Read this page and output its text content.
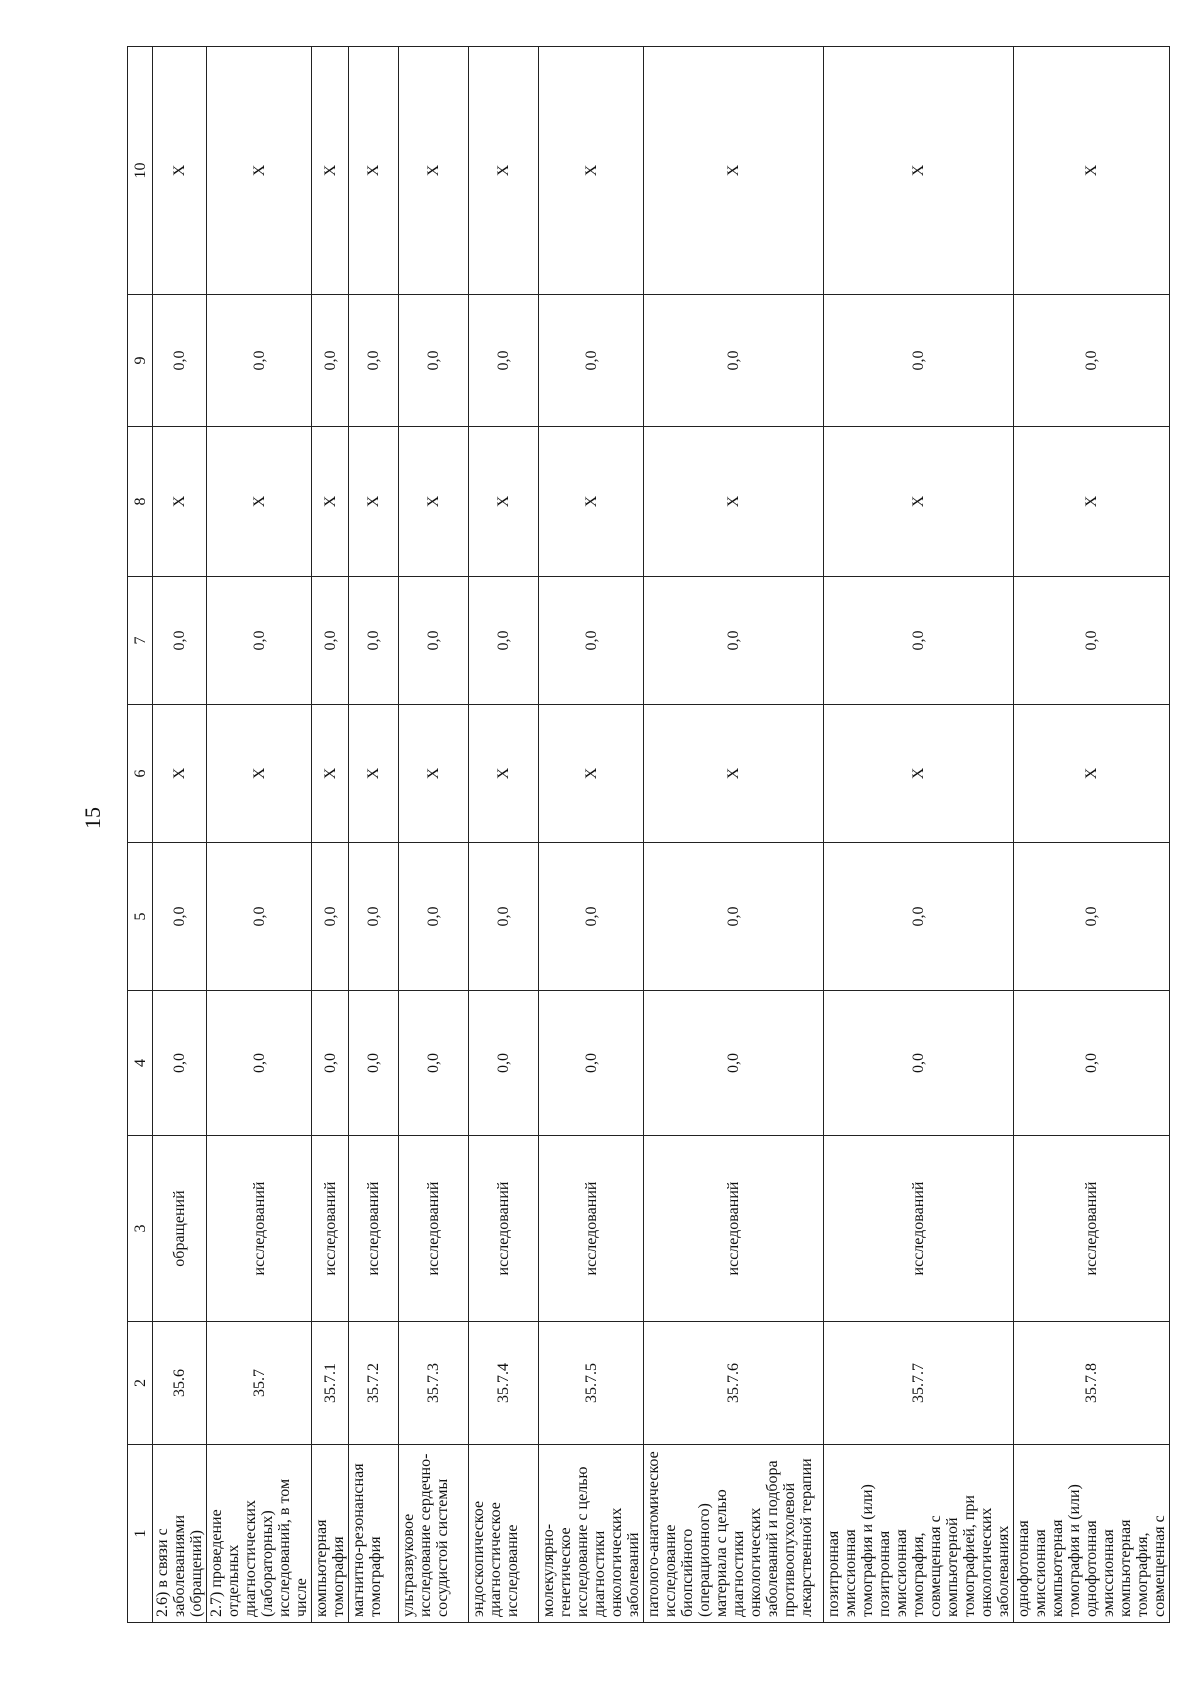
15
1	2	3	4	5	6	7	8	9	10
2.6) в связи с заболеваниями (обращений)	35.6	обращений	0,0	0,0	X	0,0	X	0,0	X
2.7) проведение отдельных диагностических (лабораторных) исследований, в том числе	35.7	исследований	0,0	0,0	X	0,0	X	0,0	X
компьютерная томография	35.7.1	исследований	0,0	0,0	X	0,0	X	0,0	X
магнитно-резонансная томография	35.7.2	исследований	0,0	0,0	X	0,0	X	0,0	X
ультразвуковое исследование сердечно-сосудистой системы	35.7.3	исследований	0,0	0,0	X	0,0	X	0,0	X
эндоскопическое диагностическое исследование	35.7.4	исследований	0,0	0,0	X	0,0	X	0,0	X
молекулярно-генетическое исследование с целью диагностики онкологических заболеваний	35.7.5	исследований	0,0	0,0	X	0,0	X	0,0	X
патолого-анатомическое исследование биопсийного (операционного) материала с целью диагностики онкологических заболеваний и подбора противоопухолевой лекарственной терапии	35.7.6	исследований	0,0	0,0	X	0,0	X	0,0	X
позитронная эмиссионная томография и (или) позитронная эмиссионная томография, совмещенная с компьютерной томографией, при онкологических заболеваниях	35.7.7	исследований	0,0	0,0	X	0,0	X	0,0	X
однофотонная эмиссионная компьютерная томография и (или) однофотонная эмиссионная компьютерная томография, совмещенная с	35.7.8	исследований	0,0	0,0	X	0,0	X	0,0	X
